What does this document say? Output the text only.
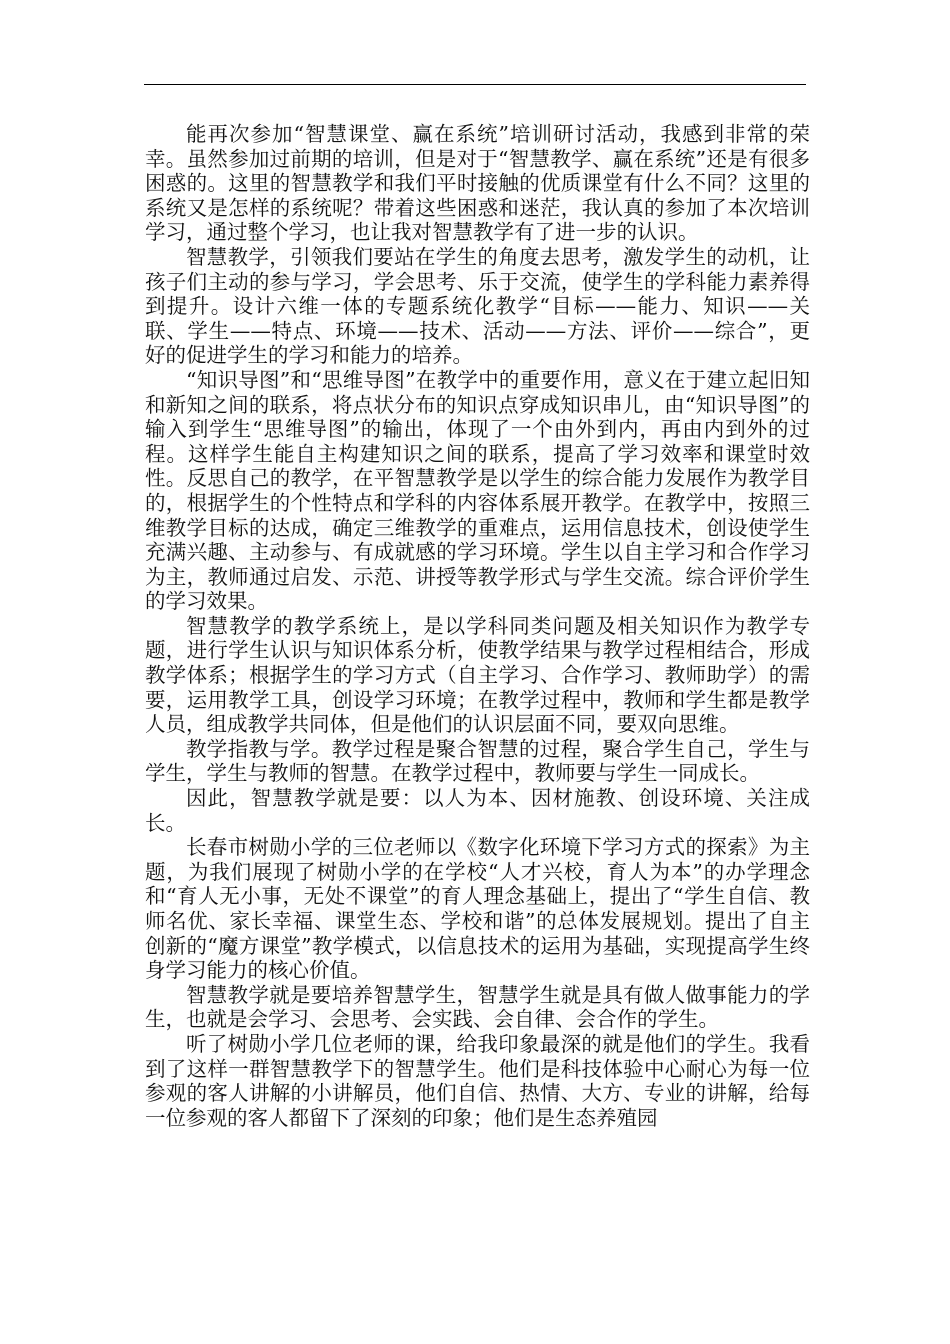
能再次参加“智慧课堂、赢在系统”培训研讨活动，我感到非常的荣幸。虽然参加过前期的培训，但是对于“智慧教学、赢在系统”还是有很多困惑的。这里的智慧教学和我们平时接触的优质课堂有什么不同？这里的系统又是怎样的系统呢？带着这些困惑和迷茫，我认真的参加了本次培训学习，通过整个学习，也让我对智慧教学有了进一步的认识。

智慧教学，引领我们要站在学生的角度去思考，激发学生的动机，让孩子们主动的参与学习，学会思考、乐于交流，使学生的学科能力素养得到提升。设计六维一体的专题系统化教学“目标——能力、知识——关联、学生——特点、环境——技术、活动——方法、评价——综合”，更好的促进学生的学习和能力的培养。

“知识导图”和“思维导图”在教学中的重要作用，意义在于建立起旧知和新知之间的联系，将点状分布的知识点穿成知识串儿，由“知识导图”的输入到学生“思维导图”的输出，体现了一个由外到内，再由内到外的过程。这样学生能自主构建知识之间的联系，提高了学习效率和课堂时效性。反思自己的教学，在平智慧教学是以学生的综合能力发展作为教学目的，根据学生的个性特点和学科的内容体系展开教学。在教学中，按照三维教学目标的达成，确定三维教学的重难点，运用信息技术，创设使学生充满兴趣、主动参与、有成就感的学习环境。学生以自主学习和合作学习为主，教师通过启发、示范、讲授等教学形式与学生交流。综合评价学生的学习效果。

智慧教学的教学系统上，是以学科同类问题及相关知识作为教学专题，进行学生认识与知识体系分析，使教学结果与教学过程相结合，形成教学体系；根据学生的学习方式（自主学习、合作学习、教师助学）的需要，运用教学工具，创设学习环境；在教学过程中，教师和学生都是教学人员，组成教学共同体，但是他们的认识层面不同，要双向思维。

教学指教与学。教学过程是聚合智慧的过程，聚合学生自己，学生与学生，学生与教师的智慧。在教学过程中，教师要与学生一同成长。

因此，智慧教学就是要：以人为本、因材施教、创设环境、关注成长。

长春市树勋小学的三位老师以《数字化环境下学习方式的探索》为主题，为我们展现了树勋小学的在学校“人才兴校，育人为本”的办学理念和“育人无小事，无处不课堂”的育人理念基础上，提出了“学生自信、教师名优、家长幸福、课堂生态、学校和谐”的总体发展规划。提出了自主创新的“魔方课堂”教学模式，以信息技术的运用为基础，实现提高学生终身学习能力的核心价值。

智慧教学就是要培养智慧学生，智慧学生就是具有做人做事能力的学生，也就是会学习、会思考、会实践、会自律、会合作的学生。

听了树勋小学几位老师的课，给我印象最深的就是他们的学生。我看到了这样一群智慧教学下的智慧学生。他们是科技体验中心耐心为每一位参观的客人讲解的小讲解员，他们自信、热情、大方、专业的讲解，给每一位参观的客人都留下了深刻的印象；他们是生态养殖园
